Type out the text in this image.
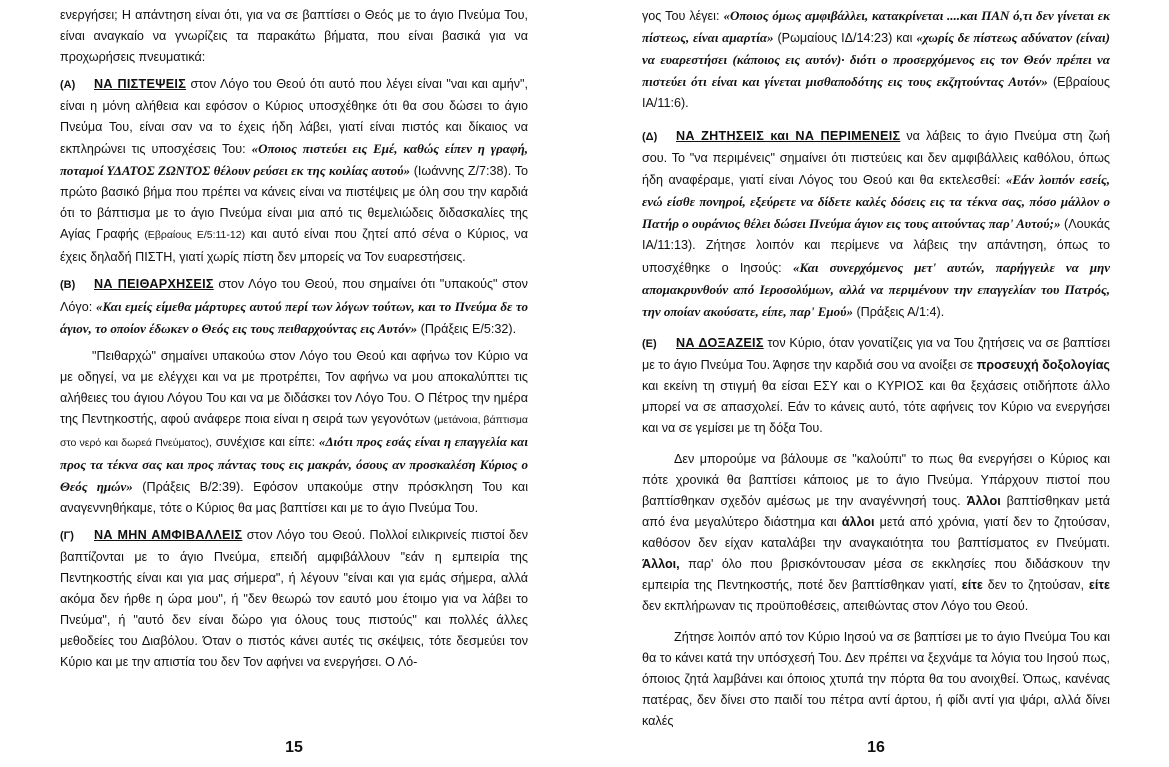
ενεργήσει; Η απάντηση είναι ότι, για να σε βαπτίσει ο Θεός με το άγιο Πνεύμα Του, είναι αναγκαίο να γνωρίζεις τα παρακάτω βήματα, που είναι βασικά για να προχωρήσεις πνευματικά:

(Α) ΝΑ ΠΙΣΤΕΨΕΙΣ στον Λόγο του Θεού ότι αυτό που λέγει είναι "ναι και αμήν", είναι η μόνη αλήθεια και εφόσον ο Κύριος υποσχέθηκε ότι θα σου δώσει το άγιο Πνεύμα Του, είναι σαν να το έχεις ήδη λάβει, γιατί είναι πιστός και δίκαιος να εκπληρώνει τις υποσχέσεις Του: «Οποιος πιστεύει εις Εμέ, καθώς είπεν η γραφή, ποταμοί ΥΔΑΤΟΣ ΖΩΝΤΟΣ θέλουν ρεύσει εκ της κοιλίας αυτού» (Ιωάννης Ζ/7:38). Το πρώτο βασικό βήμα που πρέπει να κάνεις είναι να πιστέψεις με όλη σου την καρδιά ότι το βάπτισμα με το άγιο Πνεύμα είναι μια από τις θεμελιώδεις διδασκαλίες της Αγίας Γραφής (Εβραίους Ε/5:11-12) και αυτό είναι που ζητεί από σένα ο Κύριος, να έχεις δηλαδή ΠΙΣΤΗ, γιατί χωρίς πίστη δεν μπορείς να Τον ευαρεστήσεις.

(Β) ΝΑ ΠΕΙΘΑΡΧΗΣΕΙΣ στον Λόγο του Θεού, που σημαίνει ότι "υπακούς" στον Λόγο: «Και εμείς είμεθα μάρτυρες αυτού περί των λόγων τούτων, και το Πνεύμα δε το άγιον, το οποίον έδωκεν ο Θεός εις τους πειθαρχούντας εις Αυτόν» (Πράξεις Ε/5:32).

"Πειθαρχώ" σημαίνει υπακούω στον Λόγο του Θεού και αφήνω τον Κύριο να με οδηγεί, να με ελέγχει και να με προτρέπει, Τον αφήνω να μου αποκαλύπτει τις αλήθειες του άγιου Λόγου Του και να με διδάσκει τον Λόγο Του. Ο Πέτρος την ημέρα της Πεντηκοστής, αφού ανάφερε ποια είναι η σειρά των γεγονότων (μετάνοια, βάπτισμα στο νερό και δωρεά Πνεύματος), συνέχισε και είπε: «Διότι προς εσάς είναι η επαγγελία και προς τα τέκνα σας και προς πάντας τους εις μακράν, όσους αν προσκαλέση Κύριος ο Θεός ημών» (Πράξεις Β/2:39). Εφόσον υπακούμε στην πρόσκληση Του και αναγεννηθήκαμε, τότε ο Κύριος θα μας βαπτίσει και με το άγιο Πνεύμα Του.

(Γ) ΝΑ ΜΗΝ ΑΜΦΙΒΑΛΛΕΙΣ στον Λόγο του Θεού. Πολλοί ειλικρινείς πιστοί δεν βαπτίζονται με το άγιο Πνεύμα, επειδή αμφιβάλλουν "εάν η εμπειρία της Πεντηκοστής είναι και για μας σήμερα", ή λέγουν "είναι και για εμάς σήμερα, αλλά ακόμα δεν ήρθε η ώρα μου", ή "δεν θεωρώ τον εαυτό μου έτοιμο για να λάβει το Πνεύμα", ή "αυτό δεν είναι δώρο για όλους τους πιστούς" και πολλές άλλες μεθοδείες του Διαβόλου. Όταν ο πιστός κάνει αυτές τις σκέψεις, τότε δεσμεύει τον Κύριο και με την απιστία του δεν Τον αφήνει να ενεργήσει. Ο Λό-

15

γος Του λέγει: «Οποιος όμως αμφιβάλλει, κατακρίνεται ....και ΠΑΝ ό,τι δεν γίνεται εκ πίστεως, είναι αμαρτία» (Ρωμαίους ΙΔ/14:23) και «χωρίς δε πίστεως αδύνατον (είναι) να ευαρεστήσει (κάποιος εις αυτόν)· διότι ο προσερχόμενος εις τον Θεόν πρέπει να πιστεύει ότι είναι και γίνεται μισθαποδότης εις τους εκζητούντας Αυτόν» (Εβραίους ΙΑ/11:6).

(Δ) ΝΑ ΖΗΤΗΣΕΙΣ και ΝΑ ΠΕΡΙΜΕΝΕΙΣ να λάβεις το άγιο Πνεύμα στη ζωή σου. Το "να περιμένεις" σημαίνει ότι πιστεύεις και δεν αμφιβάλλεις καθόλου, όπως ήδη αναφέραμε, γιατί είναι Λόγος του Θεού και θα εκτελεσθεί: «Εάν λοιπόν εσείς, ενώ είσθε πονηροί, εξεύρετε να δίδετε καλές δόσεις εις τα τέκνα σας, πόσο μάλλον ο Πατήρ ο ουράνιος θέλει δώσει Πνεύμα άγιον εις τους αιτούντας παρ' Αυτού;» (Λουκάς ΙΑ/11:13). Ζήτησε λοιπόν και περίμενε να λάβεις την απάντηση, όπως το υποσχέθηκε ο Ιησούς: «Και συνερχόμενος μετ' αυτών, παρήγγειλε να μην απομακρυνθούν από Ιεροσολύμων, αλλά να περιμένουν την επαγγελίαν του Πατρός, την οποίαν ακούσατε, είπε, παρ' Εμού» (Πράξεις Α/1:4).

(Ε) ΝΑ ΔΟΞΑΖΕΙΣ τον Κύριο, όταν γονατίζεις για να Του ζητήσεις να σε βαπτίσει με το άγιο Πνεύμα Του. Άφησε την καρδιά σου να ανοίξει σε προσευχή δοξολογίας και εκείνη τη στιγμή θα είσαι ΕΣΥ και ο ΚΥΡΙΟΣ και θα ξεχάσεις οτιδήποτε άλλο μπορεί να σε απασχολεί. Εάν το κάνεις αυτό, τότε αφήνεις τον Κύριο να ενεργήσει και να σε γεμίσει με τη δόξα Του.

Δεν μπορούμε να βάλουμε σε "καλούπι" το πως θα ενεργήσει ο Κύριος και πότε χρονικά θα βαπτίσει κάποιος με το άγιο Πνεύμα. Υπάρχουν πιστοί που βαπτίσθηκαν σχεδόν αμέσως με την αναγέννησή τους. Άλλοι βαπτίσθηκαν μετά από ένα μεγαλύτερο διάστημα και άλλοι μετά από χρόνια, γιατί δεν το ζητούσαν, καθόσον δεν είχαν καταλάβει την αναγκαιότητα του βαπτίσματος εν Πνεύματι. Άλλοι, παρ' όλο που βρισκόντουσαν μέσα σε εκκλησίες που διδάσκουν την εμπειρία της Πεντηκοστής, ποτέ δεν βαπτίσθηκαν γιατί, είτε δεν το ζητούσαν, είτε δεν εκπλήρωναν τις προϋποθέσεις, απειθώντας στον Λόγο του Θεού.

Ζήτησε λοιπόν από τον Κύριο Ιησού να σε βαπτίσει με το άγιο Πνεύμα Του και θα το κάνει κατά την υπόσχεσή Του. Δεν πρέπει να ξεχνάμε τα λόγια του Ιησού πως, όποιος ζητά λαμβάνει και όποιος χτυπά την πόρτα θα του ανοιχθεί. Όπως, κανένας πατέρας, δεν δίνει στο παιδί του πέτρα αντί άρτου, ή φίδι αντί για ψάρι, αλλά δίνει καλές

16
